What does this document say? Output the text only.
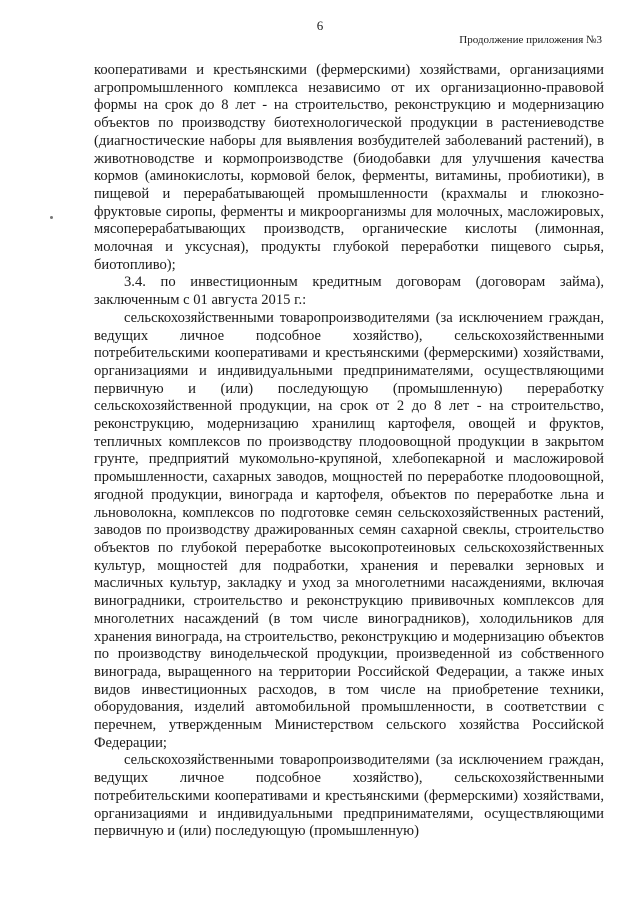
6
Продолжение приложения №3

кооперативами и крестьянскими (фермерскими) хозяйствами, организациями агропромышленного комплекса независимо от их организационно-правовой формы на срок до 8 лет - на строительство, реконструкцию и модернизацию объектов по производству биотехнологической продукции в растениеводстве (диагностические наборы для выявления возбудителей заболеваний растений), в животноводстве и кормопроизводстве (биодобавки для улучшения качества кормов (аминокислоты, кормовой белок, ферменты, витамины, пробиотики), в пищевой и перерабатывающей промышленности (крахмалы и глюкозно-фруктовые сиропы, ферменты и микроорганизмы для молочных, масложировых, мясоперерабатывающих производств, органические кислоты (лимонная, молочная и уксусная), продукты глубокой переработки пищевого сырья, биотопливо);

3.4. по инвестиционным кредитным договорам (договорам займа), заключенным с 01 августа 2015 г.:

сельскохозяйственными товаропроизводителями (за исключением граждан, ведущих личное подсобное хозяйство), сельскохозяйственными потребительскими кооперативами и крестьянскими (фермерскими) хозяйствами, организациями и индивидуальными предпринимателями, осуществляющими первичную и (или) последующую (промышленную) переработку сельскохозяйственной продукции, на срок от 2 до 8 лет - на строительство, реконструкцию, модернизацию хранилищ картофеля, овощей и фруктов, тепличных комплексов по производству плодоовощной продукции в закрытом грунте, предприятий мукомольно-крупяной, хлебопекарной и масложировой промышленности, сахарных заводов, мощностей по переработке плодоовощной, ягодной продукции, винограда и картофеля, объектов по переработке льна и льноволокна, комплексов по подготовке семян сельскохозяйственных растений, заводов по производству дражированных семян сахарной свеклы, строительство объектов по глубокой переработке высокопротеиновых сельскохозяйственных культур, мощностей для подработки, хранения и перевалки зерновых и масличных культур, закладку и уход за многолетними насаждениями, включая виноградники, строительство и реконструкцию прививочных комплексов для многолетних насаждений (в том числе виноградников), холодильников для хранения винограда, на строительство, реконструкцию и модернизацию объектов по производству винодельческой продукции, произведенной из собственного винограда, выращенного на территории Российской Федерации, а также иных видов инвестиционных расходов, в том числе на приобретение техники, оборудования, изделий автомобильной промышленности, в соответствии с перечнем, утвержденным Министерством сельского хозяйства Российской Федерации;

сельскохозяйственными товаропроизводителями (за исключением граждан, ведущих личное подсобное хозяйство), сельскохозяйственными потребительскими кооперативами и крестьянскими (фермерскими) хозяйствами, организациями и индивидуальными предпринимателями, осуществляющими первичную и (или) последующую (промышленную)
